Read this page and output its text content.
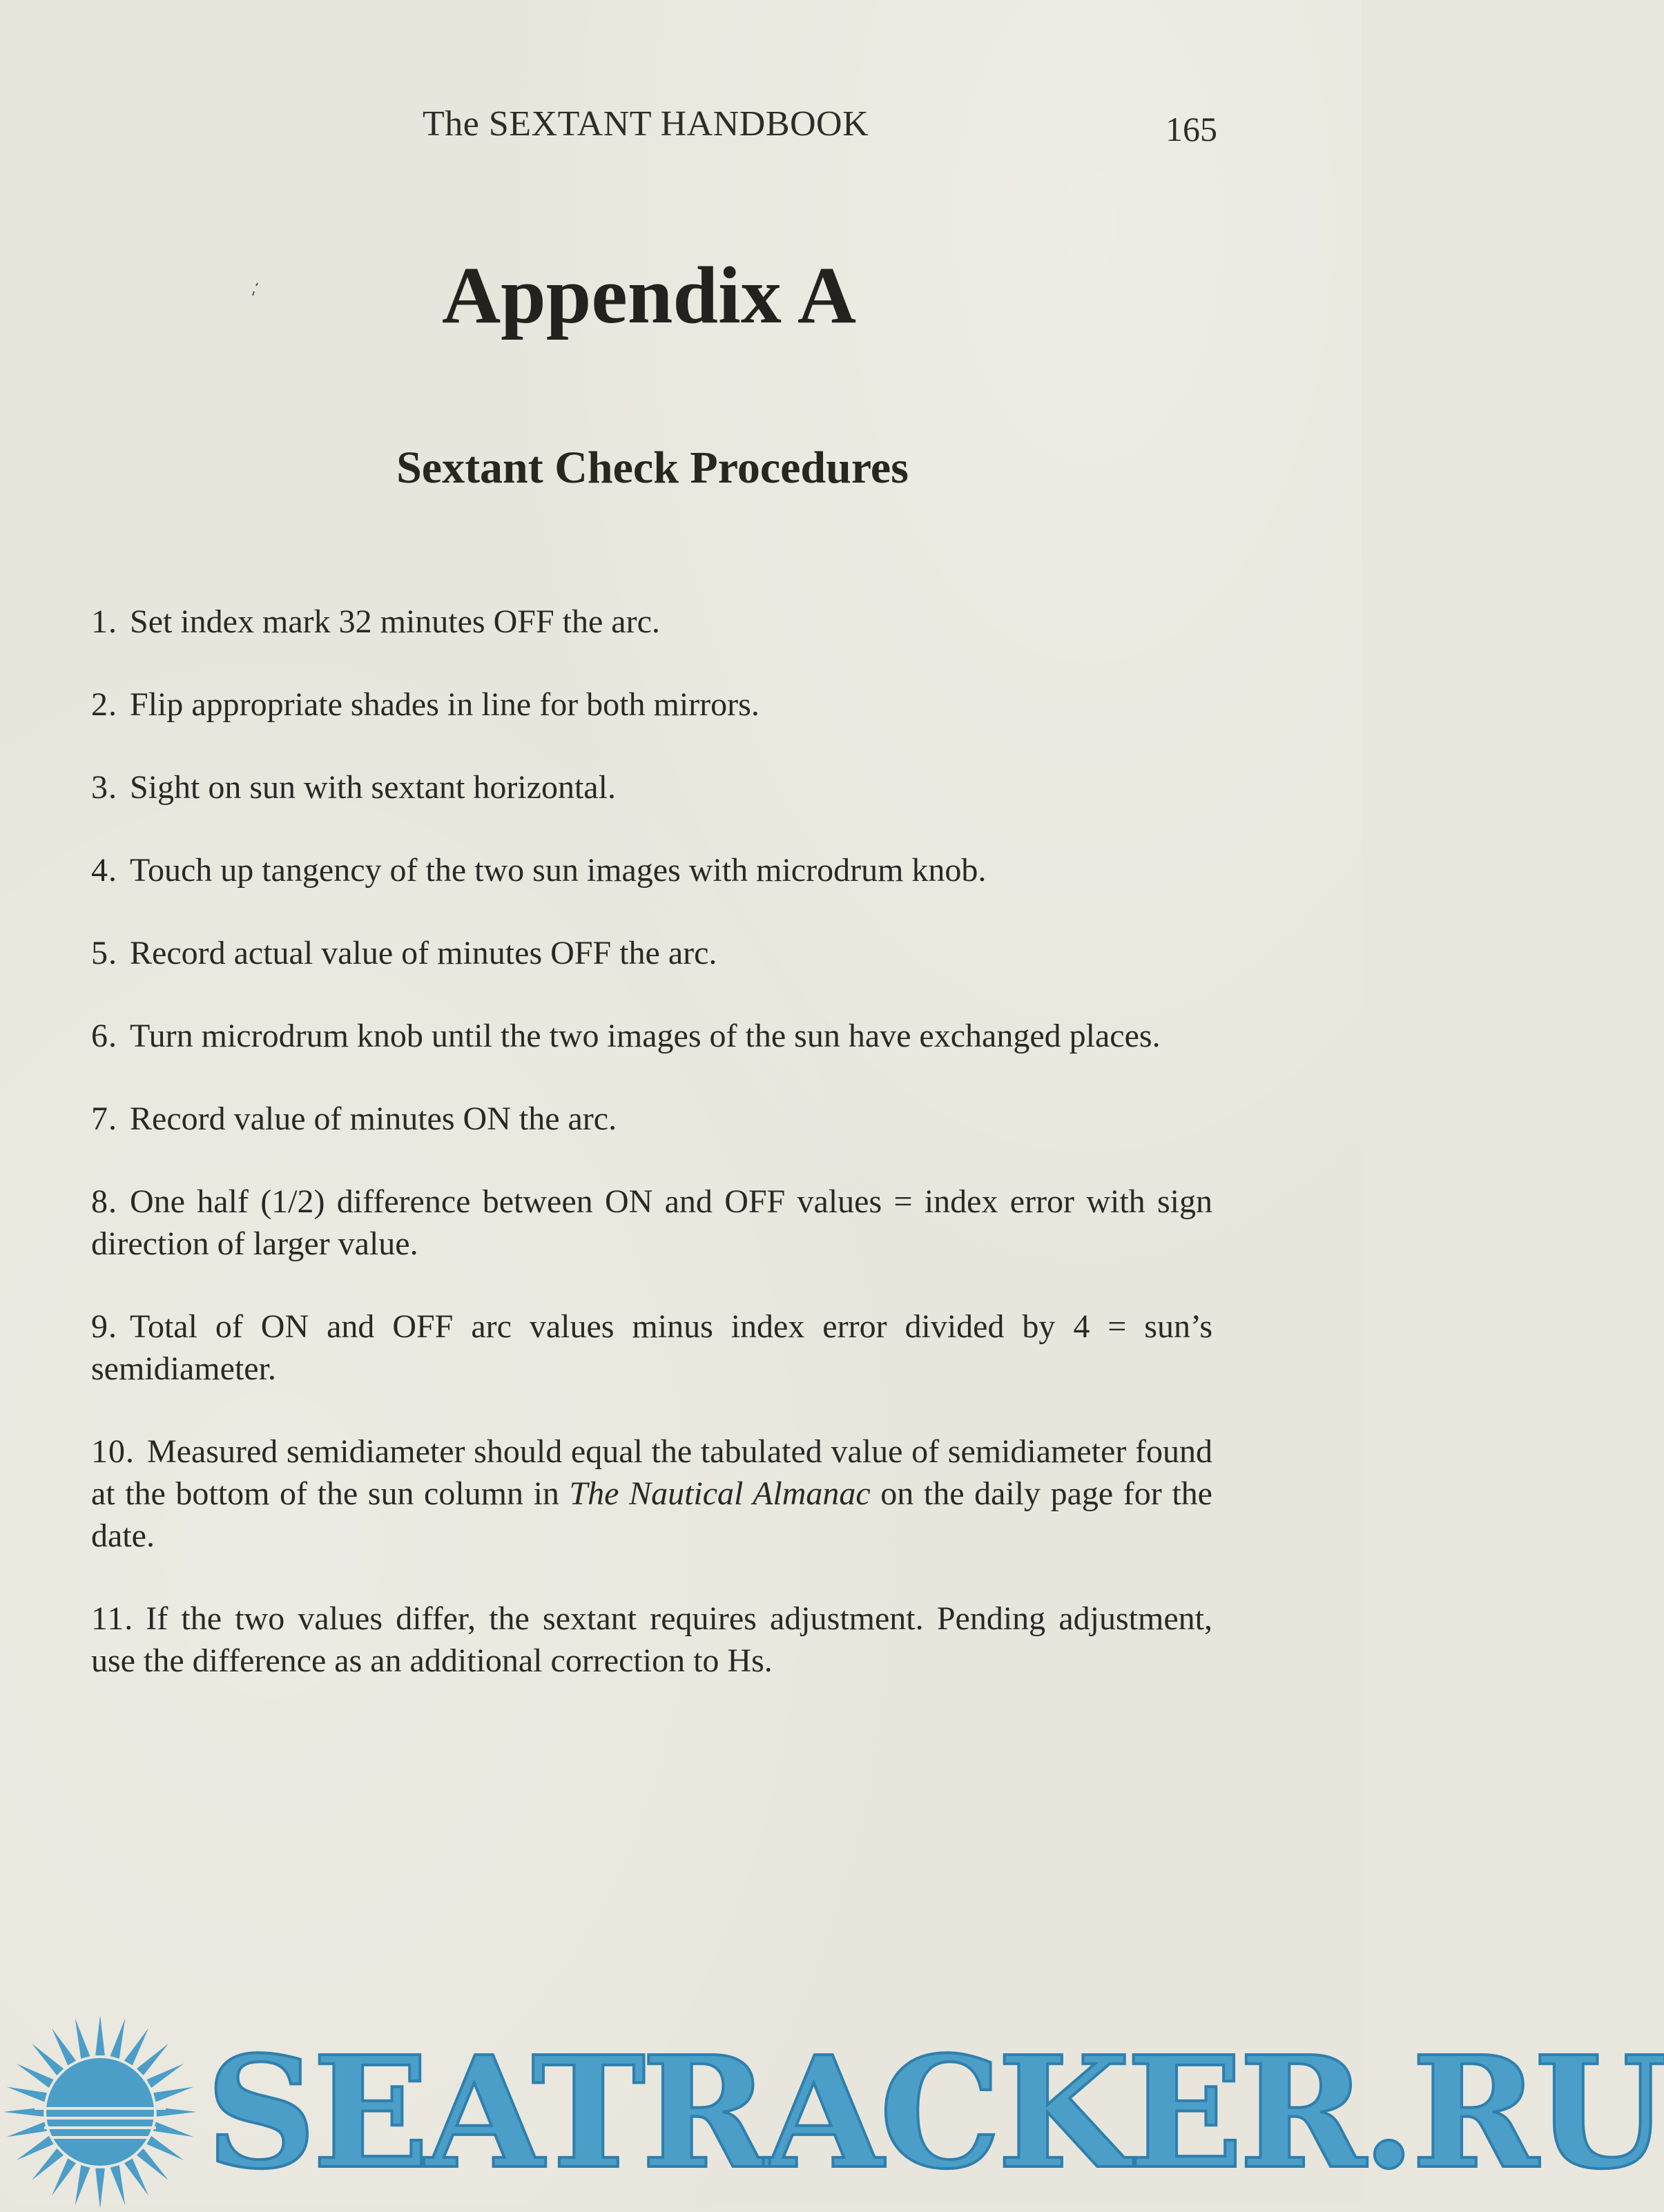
The SEXTANT HANDBOOK	165
Appendix A
Sextant Check Procedures
1. Set index mark 32 minutes OFF the arc.
2. Flip appropriate shades in line for both mirrors.
3. Sight on sun with sextant horizontal.
4. Touch up tangency of the two sun images with microdrum knob.
5. Record actual value of minutes OFF the arc.
6. Turn microdrum knob until the two images of the sun have exchanged places.
7. Record value of minutes ON the arc.
8. One half (1/2) difference between ON and OFF values = index error with sign direction of larger value.
9. Total of ON and OFF arc values minus index error divided by 4 = sun’s semidiameter.
10. Measured semidiameter should equal the tabulated value of semidiameter found at the bottom of the sun column in The Nautical Almanac on the daily page for the date.
11. If the two values differ, the sextant requires adjustment. Pending adjustment, use the difference as an additional correction to Hs.
SEATRACKER.RU
